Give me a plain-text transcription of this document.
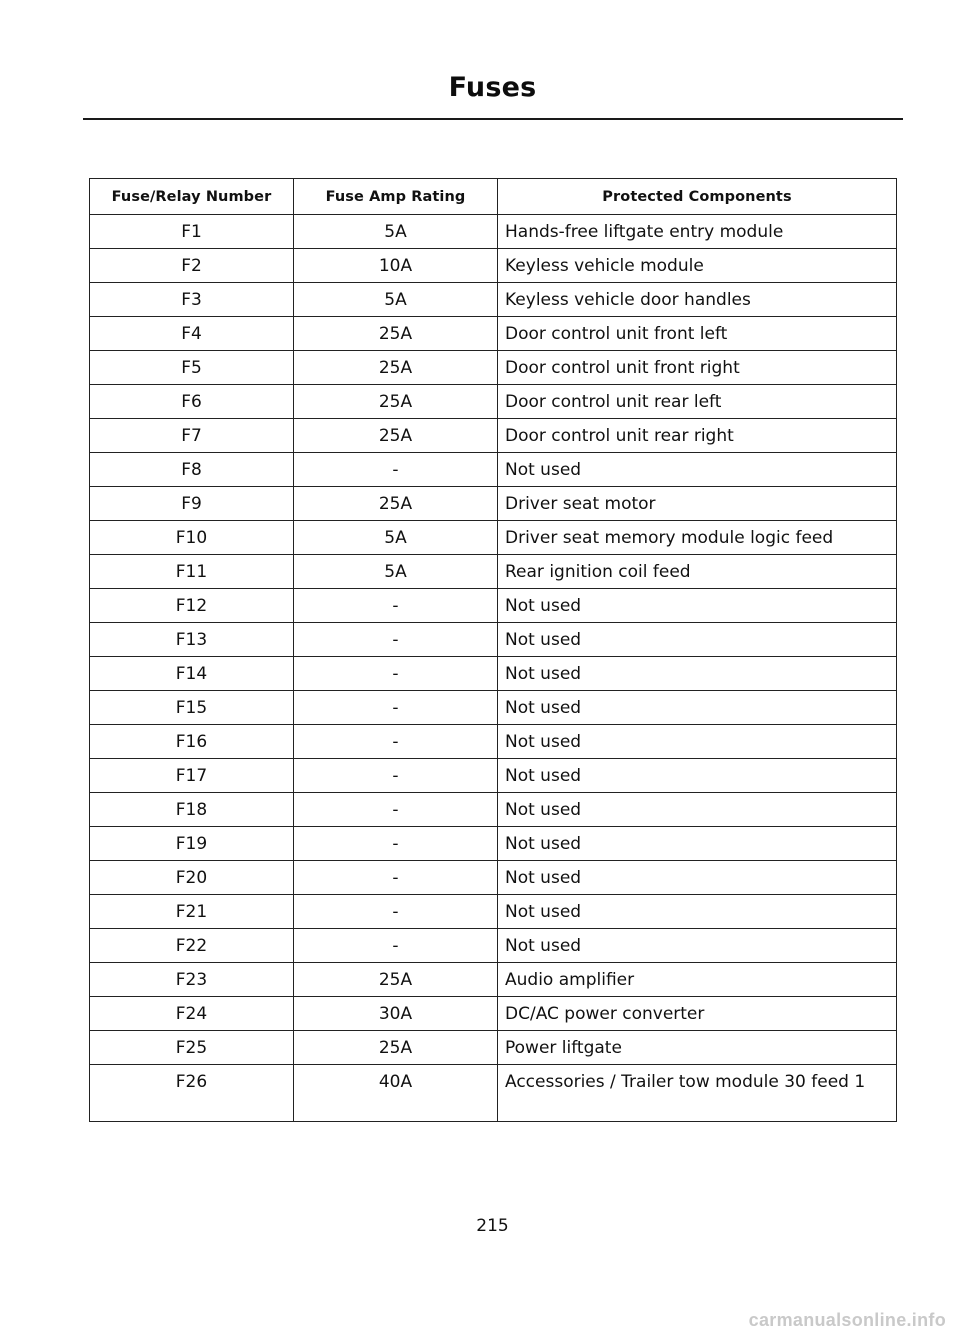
Fuses
Fuse/Relay Number	Fuse Amp Rating	Protected Components
F1	5A	Hands-free liftgate entry module
F2	10A	Keyless vehicle module
F3	5A	Keyless vehicle door handles
F4	25A	Door control unit front left
F5	25A	Door control unit front right
F6	25A	Door control unit rear left
F7	25A	Door control unit rear right
F8	-	Not used
F9	25A	Driver seat motor
F10	5A	Driver seat memory module logic feed
F11	5A	Rear ignition coil feed
F12	-	Not used
F13	-	Not used
F14	-	Not used
F15	-	Not used
F16	-	Not used
F17	-	Not used
F18	-	Not used
F19	-	Not used
F20	-	Not used
F21	-	Not used
F22	-	Not used
F23	25A	Audio amplifier
F24	30A	DC/AC power converter
F25	25A	Power liftgate
F26	40A	Accessories / Trailer tow module 30 feed 1
215
carmanualsonline.info
